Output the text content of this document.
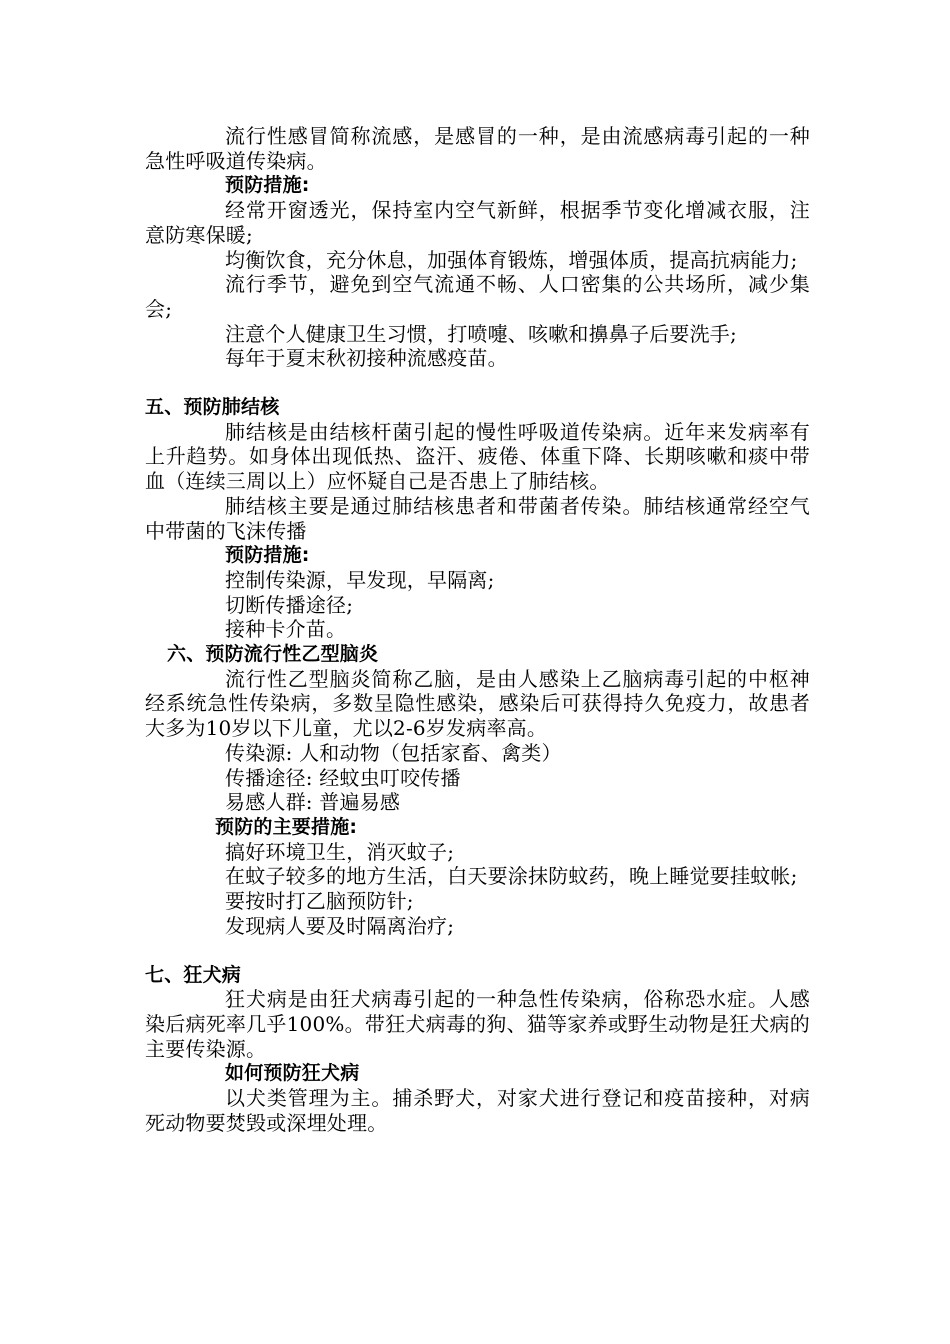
流行性感冒简称流感，是感冒的一种，是由流感病毒引起的一种急性呼吸道传染病。
预防措施:
经常开窗透光，保持室内空气新鲜，根据季节变化增减衣服，注意防寒保暖;
均衡饮食，充分休息，加强体育锻炼，增强体质，提高抗病能力;
流行季节，避免到空气流通不畅、人口密集的公共场所，减少集会;
注意个人健康卫生习惯，打喷嚏、咳嗽和擤鼻子后要洗手;
每年于夏末秋初接种流感疫苗。
五、预防肺结核
肺结核是由结核杆菌引起的慢性呼吸道传染病。近年来发病率有上升趋势。如身体出现低热、盗汗、疲倦、体重下降、长期咳嗽和痰中带血（连续三周以上）应怀疑自己是否患上了肺结核。
肺结核主要是通过肺结核患者和带菌者传染。肺结核通常经空气中带菌的飞沫传播
预防措施:
控制传染源，早发现，早隔离;
切断传播途径;
接种卡介苗。
六、预防流行性乙型脑炎
流行性乙型脑炎简称乙脑，是由人感染上乙脑病毒引起的中枢神经系统急性传染病，多数呈隐性感染，感染后可获得持久免疫力，故患者大多为10岁以下儿童，尤以2-6岁发病率高。
传染源: 人和动物（包括家畜、禽类）
传播途径: 经蚊虫叮咬传播
易感人群: 普遍易感
预防的主要措施:
搞好环境卫生，消灭蚊子;
在蚊子较多的地方生活，白天要涂抹防蚊药，晚上睡觉要挂蚊帐;
要按时打乙脑预防针;
发现病人要及时隔离治疗;
七、狂犬病
狂犬病是由狂犬病毒引起的一种急性传染病，俗称恐水症。人感染后病死率几乎100%。带狂犬病毒的狗、猫等家养或野生动物是狂犬病的主要传染源。
如何预防狂犬病
以犬类管理为主。捕杀野犬，对家犬进行登记和疫苗接种，对病死动物要焚毁或深埋处理。
